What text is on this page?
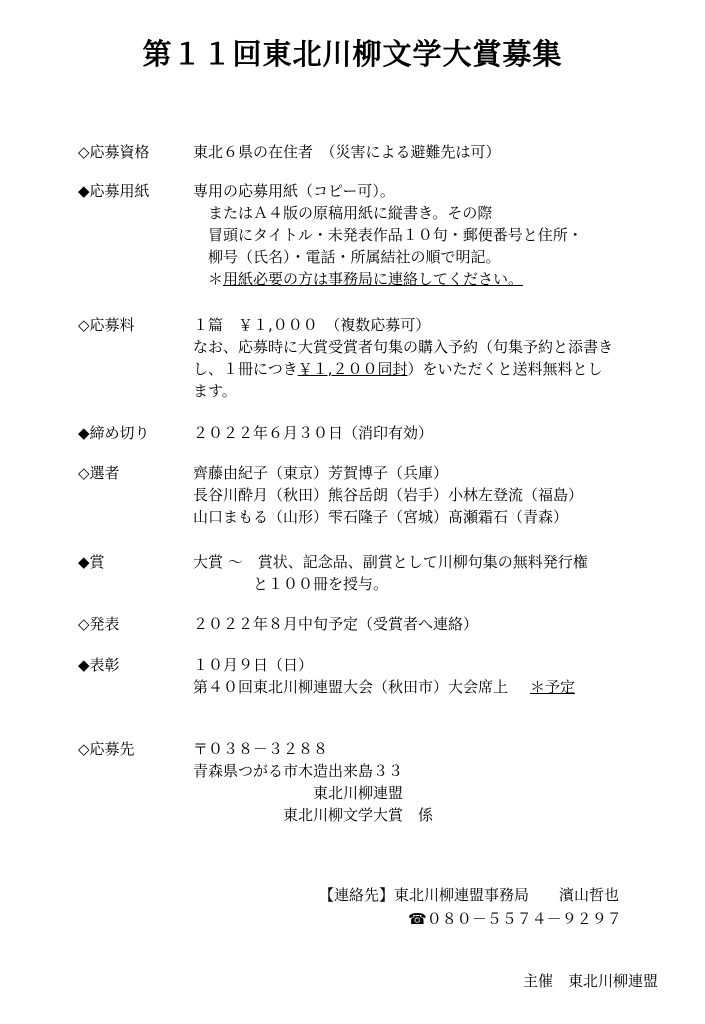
第１１回東北川柳文学大賞募集
◇応募資格	東北６県の在住者　（災害による避難先は可）
◆応募用紙	専用の応募用紙（コピー可）。
　またはＡ４版の原稿用紙に縦書き。その際
　冒頭にタイトル・未発表作品１０句・郵便番号と住所・
　柳号（氏名）・電話・所属結社の順で明記。
　＊用紙必要の方は事務局に連絡してください。
◇応募料	１篇　￥１,０００　（複数応募可）
なお、応募時に大賞受賞者句集の購入予約（句集予約と添書き
し、１冊につき￥１,２００同封）をいただくと送料無料とし
ます。
◆締め切り	２０２２年６月３０日（消印有効）
◇選者	齊藤由紀子（東京）芳賀博子（兵庫）
長谷川酔月（秋田）熊谷岳朗（岩手）小林左登流（福島）
山口まもる（山形）雫石隆子（宮城）髙瀬霜石（青森）
◆賞	大賞 ～　賞状、記念品、副賞として川柳句集の無料発行権
　　　　と１００冊を授与。
◇発表	２０２２年８月中旬予定（受賞者へ連絡）
◆表彰	１０月９日（日）
第４０回東北川柳連盟大会（秋田市）大会席上 ＊予定
◇応募先	〒０３８－３２８８
青森県つがる市木造出来島３３
　　　　　　　　東北川柳連盟
　　　　　　東北川柳文学大賞　係
【連絡先】東北川柳連盟事務局　　濱山哲也
☎０８０－５５７４－９２９７
主催　東北川柳連盟
